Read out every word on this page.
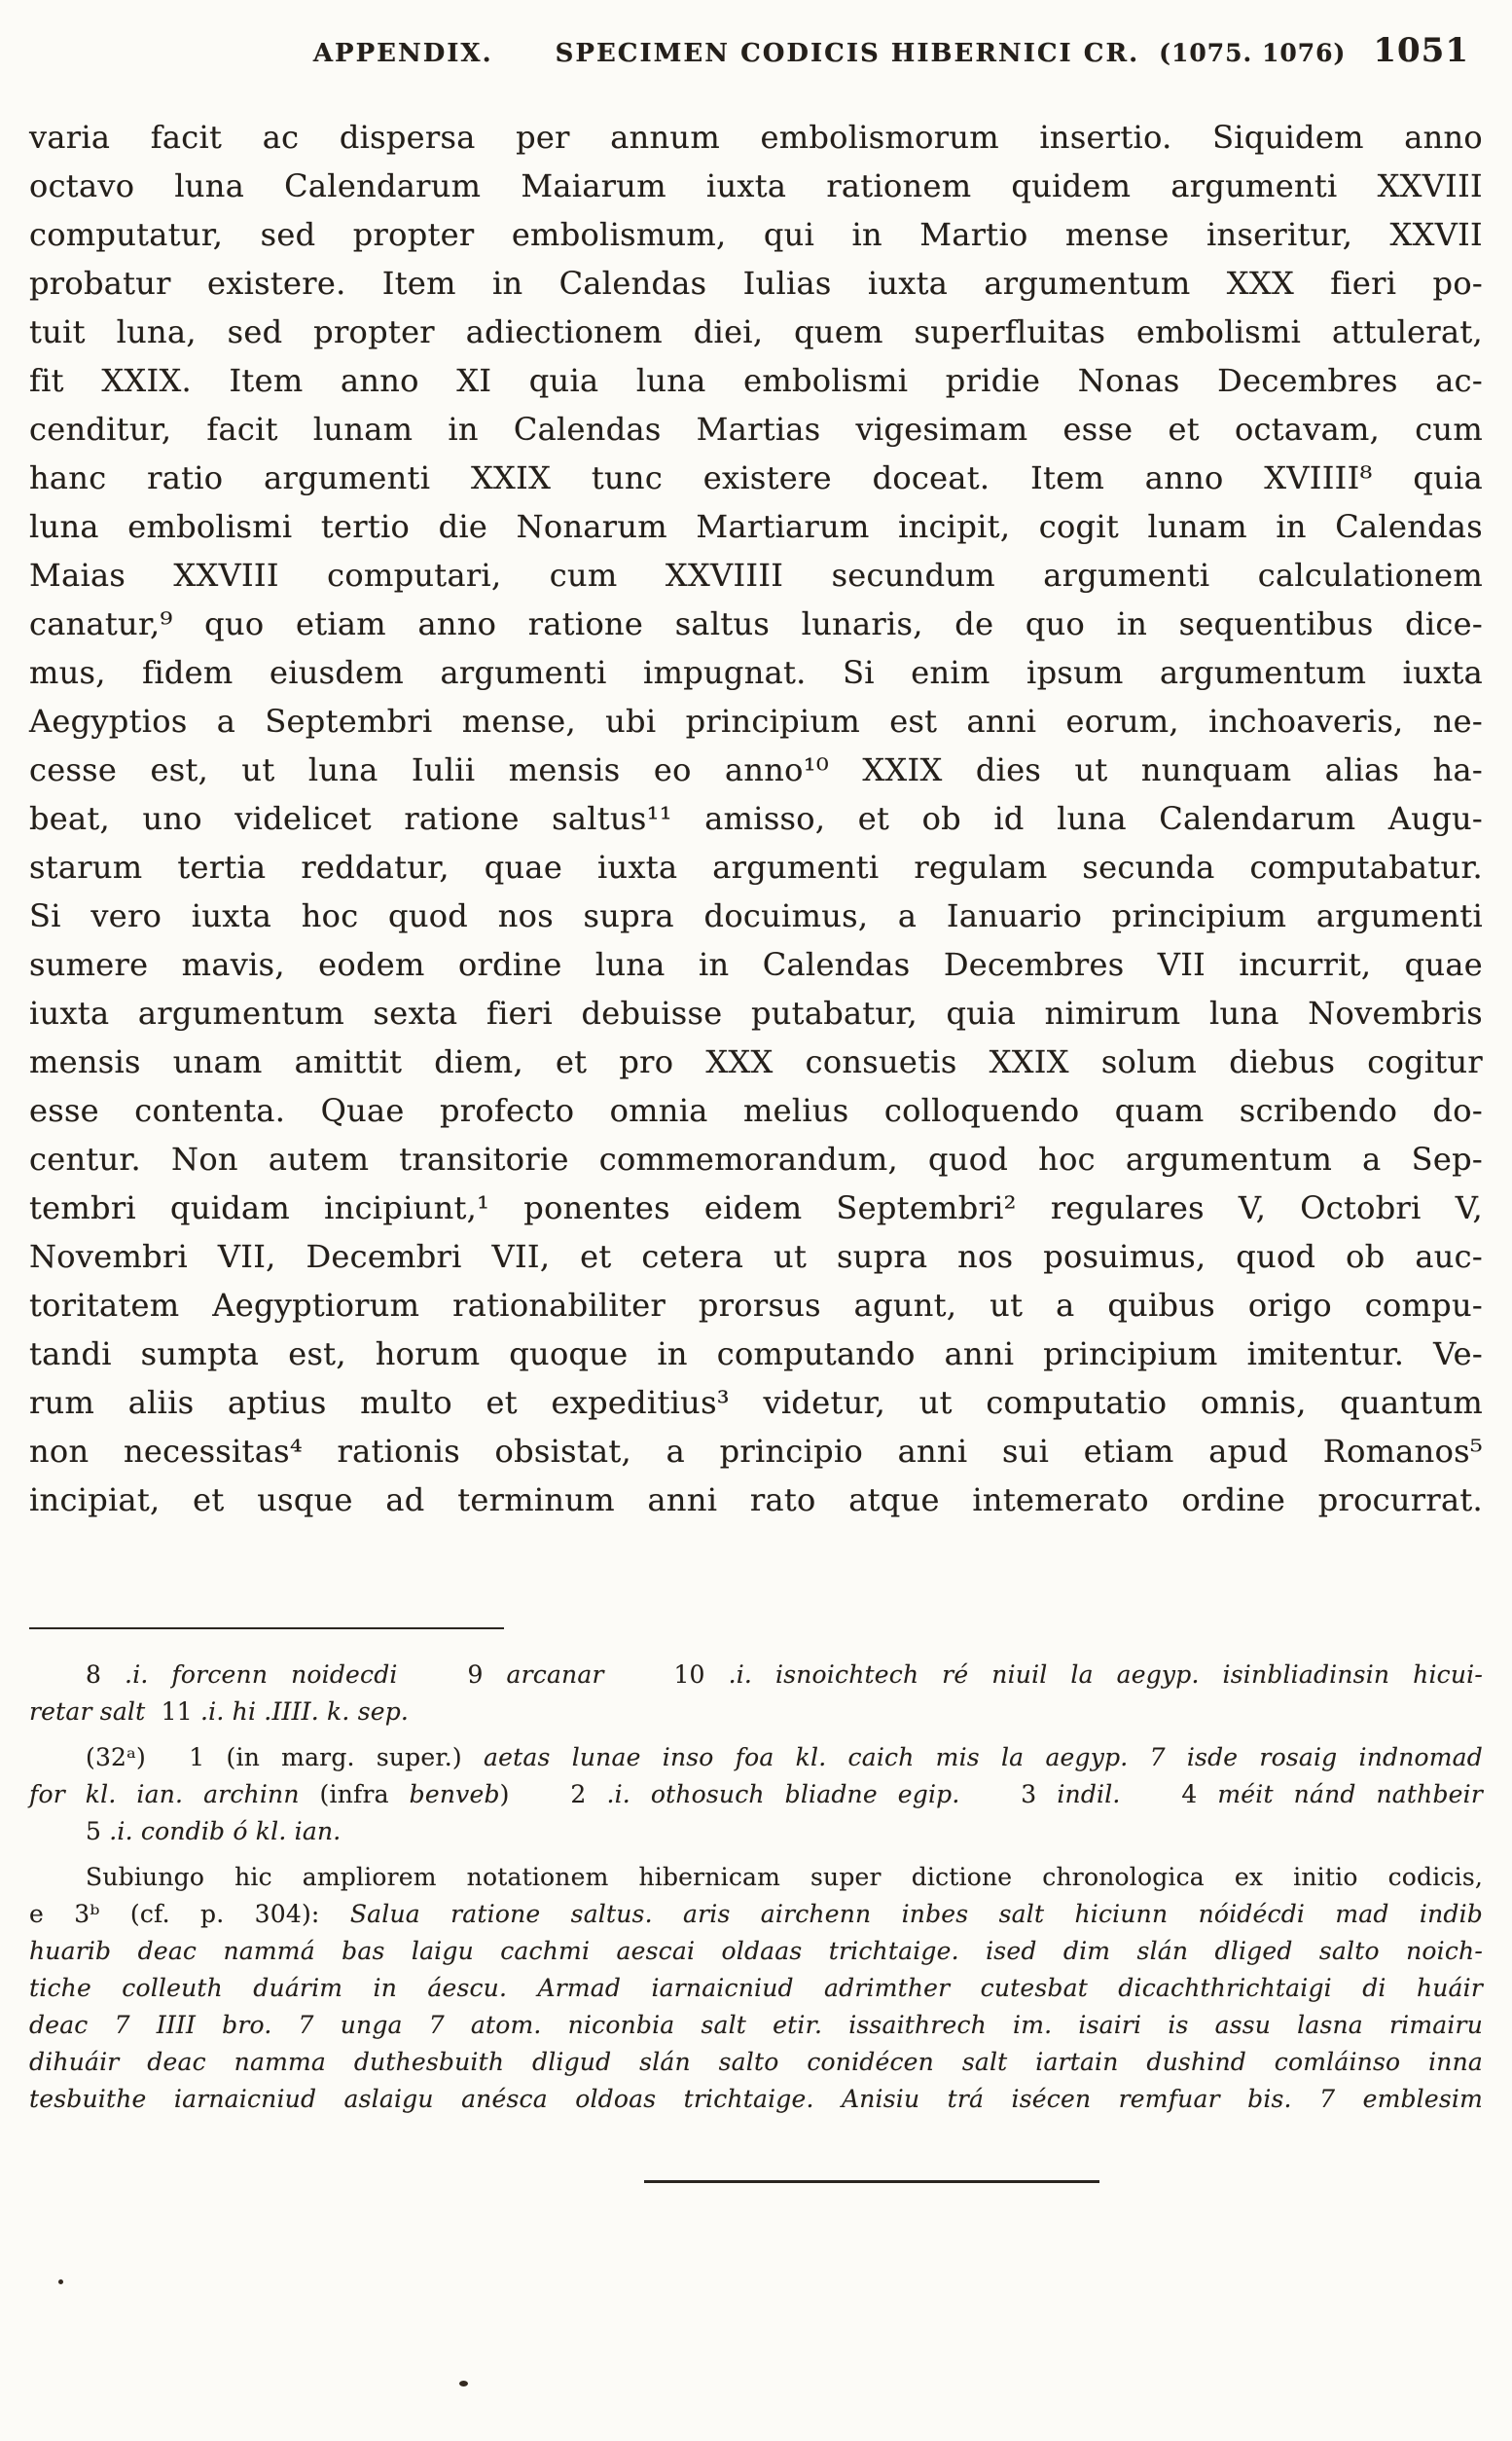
APPENDIX. SPECIMEN CODICIS HIBERNICI CR. (1075. 1076) 1051
varia facit ac dispersa per annum embolismorum insertio. Siquidem anno
octavo luna Calendarum Maiarum iuxta rationem quidem argumenti XXVIII
computatur, sed propter embolismum, qui in Martio mense inseritur, XXVII
probatur existere. Item in Calendas Iulias iuxta argumentum XXX fieri po-
tuit luna, sed propter adiectionem diei, quem superfluitas embolismi attulerat,
fit XXIX. Item anno XI quia luna embolismi pridie Nonas Decembres ac-
cenditur, facit lunam in Calendas Martias vigesimam esse et octavam, cum
hanc ratio argumenti XXIX tunc existere doceat. Item anno XVIIII⁸ quia
luna embolismi tertio die Nonarum Martiarum incipit, cogit lunam in Calendas
Maias XXVIII computari, cum XXVIIII secundum argumenti calculationem
canatur,⁹ quo etiam anno ratione saltus lunaris, de quo in sequentibus dice-
mus, fidem eiusdem argumenti impugnat. Si enim ipsum argumentum iuxta
Aegyptios a Septembri mense, ubi principium est anni eorum, inchoaveris, ne-
cesse est, ut luna Iulii mensis eo anno¹⁰ XXIX dies ut nunquam alias ha-
beat, uno videlicet ratione saltus¹¹ amisso, et ob id luna Calendarum Augu-
starum tertia reddatur, quae iuxta argumenti regulam secunda computabatur.
Si vero iuxta hoc quod nos supra docuimus, a Ianuario principium argumenti
sumere mavis, eodem ordine luna in Calendas Decembres VII incurrit, quae
iuxta argumentum sexta fieri debuisse putabatur, quia nimirum luna Novembris
mensis unam amittit diem, et pro XXX consuetis XXIX solum diebus cogitur
esse contenta. Quae profecto omnia melius colloquendo quam scribendo do-
centur. Non autem transitorie commemorandum, quod hoc argumentum a Sep-
tembri quidam incipiunt,¹ ponentes eidem Septembri² regulares V, Octobri V,
Novembri VII, Decembri VII, et cetera ut supra nos posuimus, quod ob auc-
toritatem Aegyptiorum rationabiliter prorsus agunt, ut a quibus origo compu-
tandi sumpta est, horum quoque in computando anni principium imitentur. Ve-
rum aliis aptius multo et expeditius³ videtur, ut computatio omnis, quantum
non necessitas⁴ rationis obsistat, a principio anni sui etiam apud Romanos⁵
incipiat, et usque ad terminum anni rato atque intemerato ordine procurrat.
8 .i. forcenn noidecdi   9 arcanar   10 .i. isnoichtech ré niuil la aegyp. isinbliadinsin hicui-
retar salt  11 .i. hi .IIII. k. sep.
(32ᵃ)  1 (in marg. super.) aetas lunae inso foa kl. caich mis la aegyp. 7 isde rosaig indnomad
for kl. ian. archinn (infra benveb)   2 .i. othosuch bliadne egip.   3 indil.   4 méit nánd nathbeir
5 .i. condib ó kl. ian.
Subiungo hic ampliorem notationem hibernicam super dictione chronologica ex initio codicis,
e 3ᵇ (cf. p. 304): Salua ratione saltus. aris airchenn inbes salt hiciunn nóidécdi mad indib
huarib deac nammá bas laigu cachmi aescai oldaas trichtaige. ised dim slán dliged salto noich-
tiche colleuth duárim in áescu. Armad iarnaicniud adrimther cutesbat dicachthrichtaigi di huáir
deac 7 IIII bro. 7 unga 7 atom. niconbia salt etir. issaithrech im. isairi is assu lasna rimairu
dihuáir deac namma duthesbuith dligud slán salto conidécen salt iartain dushind comláinso inna
tesbuithe iarnaicniud aslaigu anésca oldoas trichtaige. Anisiu trá isécen remfuar bis. 7 emblesim
